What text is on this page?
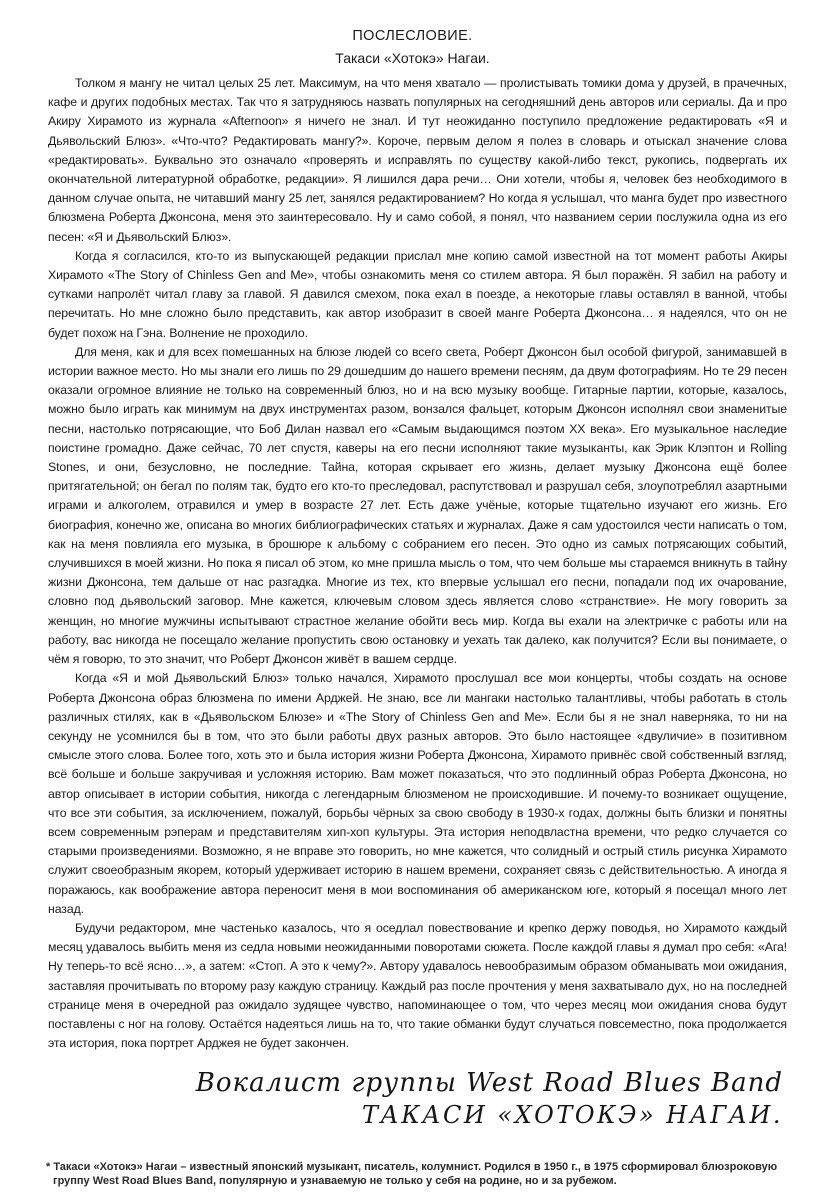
ПОСЛЕСЛОВИЕ.
Такаси «Хотокэ» Нагаи.

Толком я мангу не читал целых 25 лет. Максимум, на что меня хватало — пролистывать томики дома у друзей, в прачечных, кафе и других подобных местах. Так что я затрудняюсь назвать популярных на сегодняшний день авторов или сериалы. Да и про Акиру Хирамото из журнала «Afternoon» я ничего не знал. И тут неожиданно поступило предложение редактировать «Я и Дьявольский Блюз». «Что-что? Редактировать мангу?». Короче, первым делом я полез в словарь и отыскал значение слова «редактировать». Буквально это означало «проверять и исправлять по существу какой-либо текст, рукопись, подвергать их окончательной литературной обработке, редакции». Я лишился дара речи… Они хотели, чтобы я, человек без необходимого в данном случае опыта, не читавший мангу 25 лет, занялся редактированием? Но когда я услышал, что манга будет про известного блюзмена Роберта Джонсона, меня это заинтересовало. Ну и само собой, я понял, что названием серии послужила одна из его песен: «Я и Дьявольский Блюз».

Когда я согласился, кто-то из выпускающей редакции прислал мне копию самой известной на тот момент работы Акиры Хирамото «The Story of Chinless Gen and Me», чтобы ознакомить меня со стилем автора. Я был поражён. Я забил на работу и сутками напролёт читал главу за главой. Я давился смехом, пока ехал в поезде, а некоторые главы оставлял в ванной, чтобы перечитать. Но мне сложно было представить, как автор изобразит в своей манге Роберта Джонсона… я надеялся, что он не будет похож на Гэна. Волнение не проходило.

Для меня, как и для всех помешанных на блюзе людей со всего света, Роберт Джонсон был особой фигурой, занимавшей в истории важное место. Но мы знали его лишь по 29 дошедшим до нашего времени песням, да двум фотографиям. Но те 29 песен оказали огромное влияние не только на современный блюз, но и на всю музыку вообще. Гитарные партии, которые, казалось, можно было играть как минимум на двух инструментах разом, вонзался фальцет, которым Джонсон исполнял свои знаменитые песни, настолько потрясающие, что Боб Дилан назвал его «Самым выдающимся поэтом XX века». Его музыкальное наследие поистине громадно. Даже сейчас, 70 лет спустя, каверы на его песни исполняют такие музыканты, как Эрик Клэптон и Rolling Stones, и они, безусловно, не последние. Тайна, которая скрывает его жизнь, делает музыку Джонсона ещё более притягательной; он бегал по полям так, будто его кто-то преследовал, распутствовал и разрушал себя, злоупотреблял азартными играми и алкоголем, отравился и умер в возрасте 27 лет. Есть даже учёные, которые тщательно изучают его жизнь. Его биография, конечно же, описана во многих библиографических статьях и журналах. Даже я сам удостоился чести написать о том, как на меня повлияла его музыка, в брошюре к альбому с собранием его песен. Это одно из самых потрясающих событий, случившихся в моей жизни. Но пока я писал об этом, ко мне пришла мысль о том, что чем больше мы стараемся вникнуть в тайну жизни Джонсона, тем дальше от нас разгадка. Многие из тех, кто впервые услышал его песни, попадали под их очарование, словно под дьявольский заговор. Мне кажется, ключевым словом здесь является слово «странствие». Не могу говорить за женщин, но многие мужчины испытывают страстное желание обойти весь мир. Когда вы ехали на электричке с работы или на работу, вас никогда не посещало желание пропустить свою остановку и уехать так далеко, как получится? Если вы понимаете, о чём я говорю, то это значит, что Роберт Джонсон живёт в вашем сердце.

Когда «Я и мой Дьявольский Блюз» только начался, Хирамото прослушал все мои концерты, чтобы создать на основе Роберта Джонсона образ блюзмена по имени Арджей. Не знаю, все ли мангаки настолько талантливы, чтобы работать в столь различных стилях, как в «Дьявольском Блюзе» и «The Story of Chinless Gen and Me». Если бы я не знал наверняка, то ни на секунду не усомнился бы в том, что это были работы двух разных авторов. Это было настоящее «двуличие» в позитивном смысле этого слова. Более того, хоть это и была история жизни Роберта Джонсона, Хирамото привнёс свой собственный взгляд, всё больше и больше закручивая и усложняя историю. Вам может показаться, что это подлинный образ Роберта Джонсона, но автор описывает в истории события, никогда с легендарным блюзменом не происходившие. И почему-то возникает ощущение, что все эти события, за исключением, пожалуй, борьбы чёрных за свою свободу в 1930-х годах, должны быть близки и понятны всем современным рэперам и представителям хип-хоп культуры. Эта история неподвластна времени, что редко случается со старыми произведениями. Возможно, я не вправе это говорить, но мне кажется, что солидный и острый стиль рисунка Хирамото служит своеобразным якорем, который удерживает историю в нашем времени, сохраняет связь с действительностью. А иногда я поражаюсь, как воображение автора переносит меня в мои воспоминания об американском юге, который я посещал много лет назад.

Будучи редактором, мне частенько казалось, что я оседлал повествование и крепко держу поводья, но Хирамото каждый месяц удавалось выбить меня из седла новыми неожиданными поворотами сюжета. После каждой главы я думал про себя: «Ага! Ну теперь-то всё ясно…», а затем: «Стоп. А это к чему?». Автору удавалось невообразимым образом обманывать мои ожидания, заставляя прочитывать по второму разу каждую страницу. Каждый раз после прочтения у меня захватывало дух, но на последней странице меня в очередной раз ожидало зудящее чувство, напоминающее о том, что через месяц мои ожидания снова будут поставлены с ног на голову. Остаётся надеяться лишь на то, что такие обманки будут случаться повсеместно, пока продолжается эта история, пока портрет Арджея не будет закончен.

Вокалист группы West Road Blues Band
ТАКАСИ «ХОТОКЭ» НАГАИ.
* Такаси «Хотокэ» Нагаи – известный японский музыкант, писатель, колумнист. Родился в 1950 г., в 1975 сформировал блюзроковую группу West Road Blues Band, популярную и узнаваемую не только у себя на родине, но и за рубежом.
